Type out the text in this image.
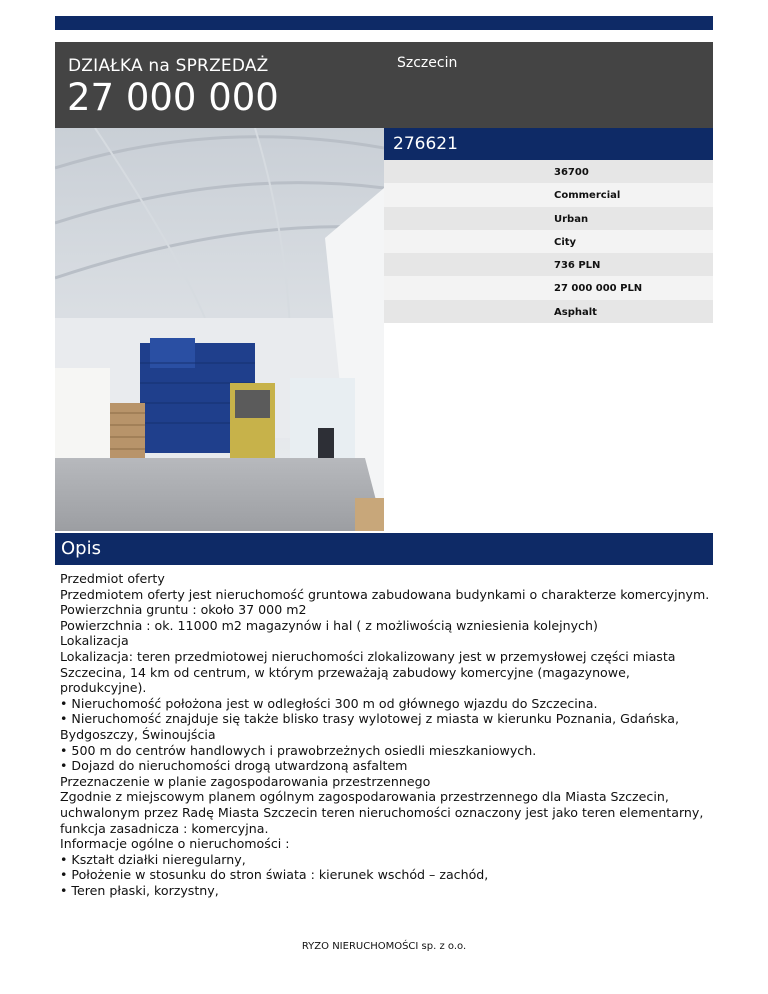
DZIAŁKA na SPRZEDAŻ
27 000 000
Szczecin
276621
36700
Commercial
Urban
City
736 PLN
27 000 000 PLN
Asphalt
Opis
Przedmiot oferty
Przedmiotem oferty jest nieruchomość gruntowa zabudowana budynkami o charakterze komercyjnym.
Powierzchnia gruntu : około 37 000 m2
Powierzchnia : ok. 11000 m2 magazynów i hal ( z możliwością wzniesienia kolejnych)
Lokalizacja
Lokalizacja: teren przedmiotowej nieruchomości zlokalizowany jest w przemysłowej części miasta Szczecina, 14 km od centrum, w którym przeważają zabudowy komercyjne (magazynowe, produkcyjne).
• Nieruchomość położona jest w odległości 300 m od głównego wjazdu do Szczecina.
• Nieruchomość znajduje się także blisko trasy wylotowej z miasta w kierunku Poznania, Gdańska, Bydgoszczy, Świnoujścia
• 500 m do centrów handlowych i prawobrzeżnych osiedli mieszkaniowych.
• Dojazd do nieruchomości drogą utwardzoną asfaltem
Przeznaczenie w planie zagospodarowania przestrzennego
Zgodnie z miejscowym planem ogólnym zagospodarowania przestrzennego dla Miasta Szczecin, uchwalonym przez Radę Miasta Szczecin teren nieruchomości oznaczony jest jako teren elementarny, funkcja zasadnicza : komercyjna.
Informacje ogólne o nieruchomości :
• Kształt działki nieregularny,
• Położenie w stosunku do stron świata : kierunek wschód – zachód,
• Teren płaski, korzystny,
RYZO NIERUCHOMOŚCI sp. z o.o.
